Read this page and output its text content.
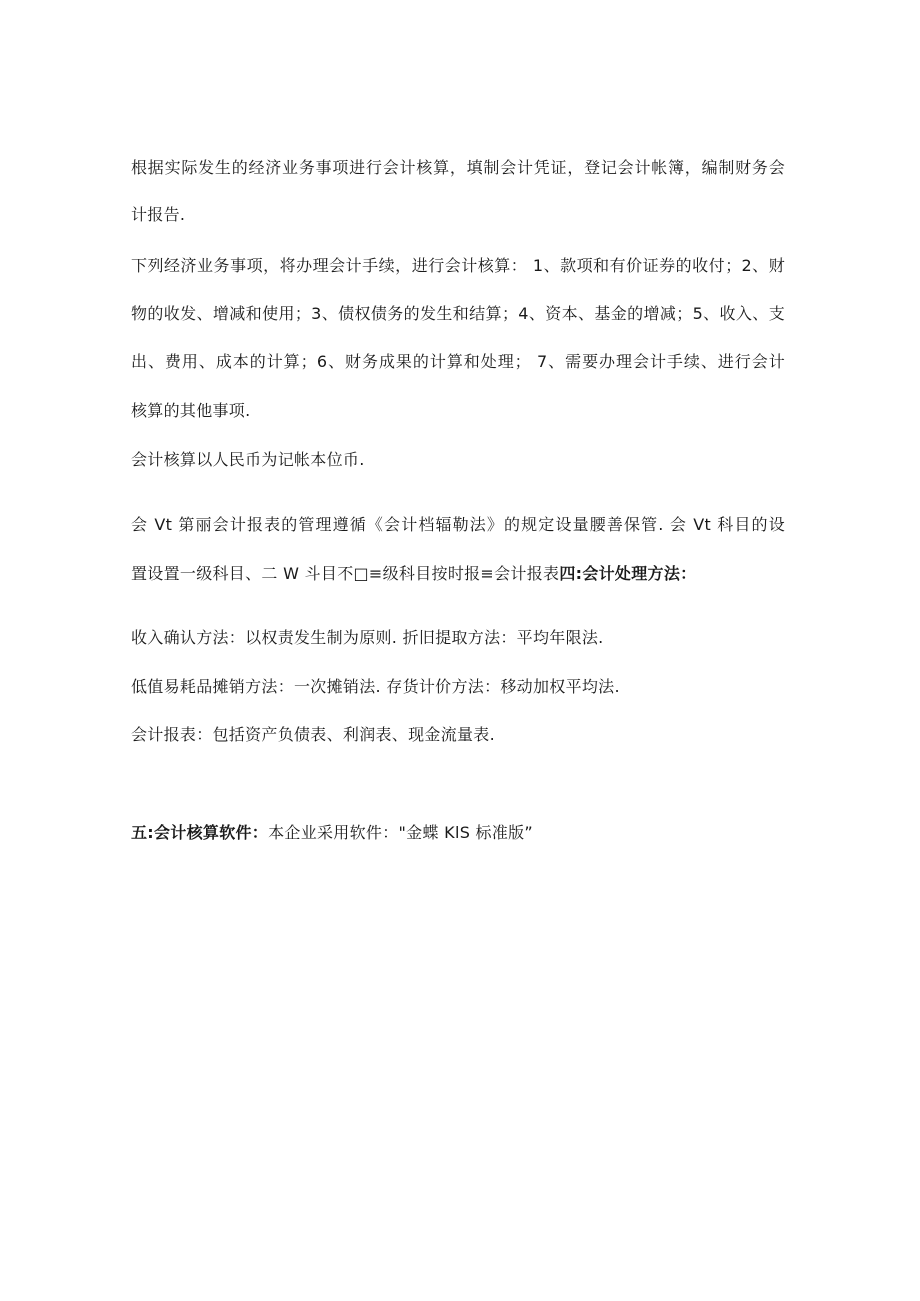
根据实际发生的经济业务事项进行会计核算，填制会计凭证，登记会计帐簿，编制财务会
计报告.
下列经济业务事项，将办理会计手续，进行会计核算： 1、款项和有价证券的收付；2、财
物的收发、增减和使用；3、债权债务的发生和结算；4、资本、基金的增减；5、收入、支
出、费用、成本的计算；6、财务成果的计算和处理； 7、需要办理会计手续、进行会计
核算的其他事项.
会计核算以人民币为记帐本位币.
会 Vt 第丽会计报表的管理遵循《会计档辐勒法》的规定设量腰善保管. 会 Vt 科目的设
置设置一级科目、二 W 斗目不□≡级科目按时报≡会计报表四:会计处理方法：
收入确认方法：以权责发生制为原则. 折旧提取方法：平均年限法.
低值易耗品摊销方法：一次摊销法. 存货计价方法：移动加权平均法.
会计报表：包括资产负债表、利润表、现金流量表.
五:会计核算软件：本企业采用软件："金蝶 KlS 标准版”
